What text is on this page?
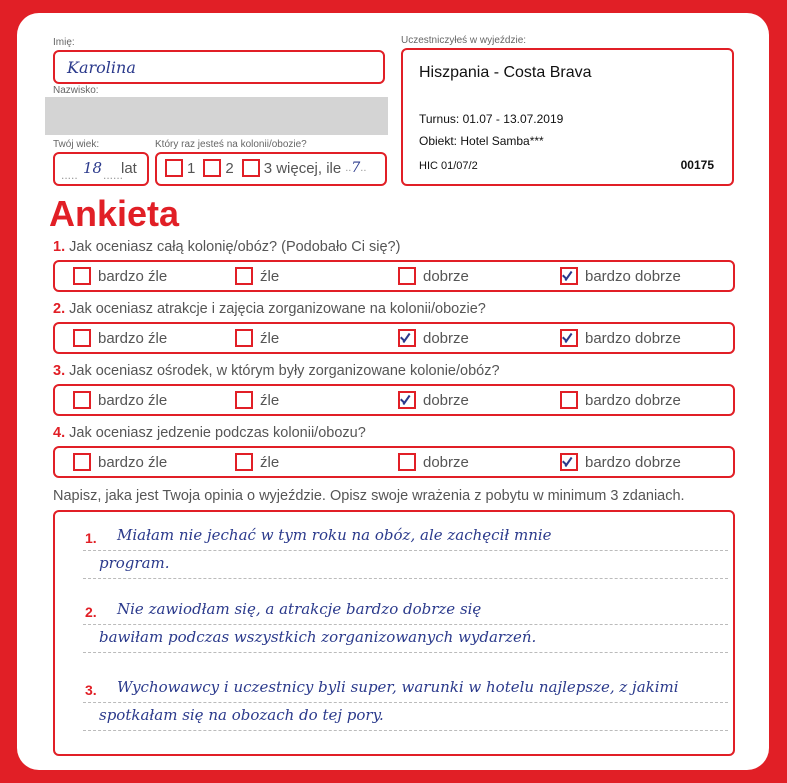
Imię:
Karolina
Nazwisko:
Twój wiek:
..... 18 ......
lat
Który raz jesteś na kolonii/obozie?
1 2 3 więcej, ile .. 7 ..
Uczestniczyłeś w wyjeździe:
Hiszpania - Costa Brava
Turnus: 01.07 - 13.07.2019
Obiekt: Hotel Samba***
HIC 01/07/2	00175
Ankieta
1. Jak oceniasz całą kolonię/obóz? (Podobało Ci się?)
bardzo źle	źle	dobrze	bardzo dobrze
2. Jak oceniasz atrakcje i zajęcia zorganizowane na kolonii/obozie?
bardzo źle	źle	dobrze	bardzo dobrze
3. Jak oceniasz ośrodek, w którym były zorganizowane kolonie/obóz?
bardzo źle	źle	dobrze	bardzo dobrze
4. Jak oceniasz jedzenie podczas kolonii/obozu?
bardzo źle	źle	dobrze	bardzo dobrze
Napisz, jaka jest Twoja opinia o wyjeździe. Opisz swoje wrażenia z pobytu w minimum 3 zdaniach.
1. Miałam nie jechać w tym roku na obóz, ale zachęcił mnie
program.
2. Nie zawiodłam się, a atrakcje bardzo dobrze się
bawiłam podczas wszystkich zorganizowanych wydarzeń.
3. Wychowawcy i uczestnicy byli super, warunki w hotelu najlepsze, z jakimi
spotkałam się na obozach do tej pory.
